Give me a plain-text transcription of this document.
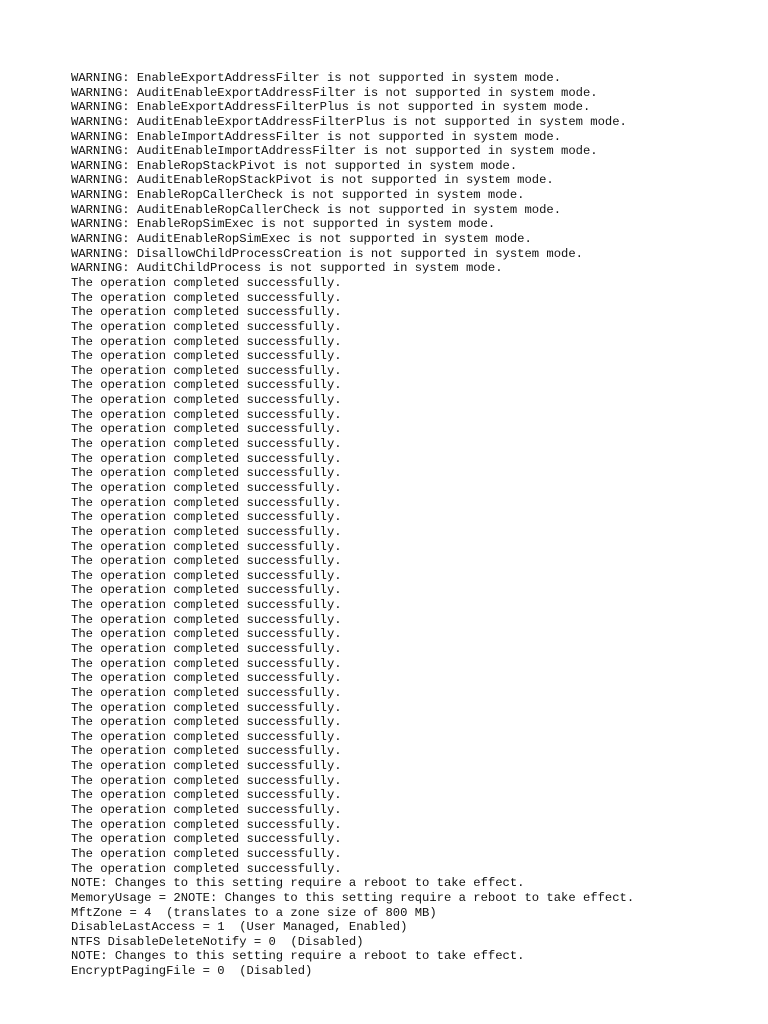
WARNING: EnableExportAddressFilter is not supported in system mode.
WARNING: AuditEnableExportAddressFilter is not supported in system mode.
WARNING: EnableExportAddressFilterPlus is not supported in system mode.
WARNING: AuditEnableExportAddressFilterPlus is not supported in system mode.
WARNING: EnableImportAddressFilter is not supported in system mode.
WARNING: AuditEnableImportAddressFilter is not supported in system mode.
WARNING: EnableRopStackPivot is not supported in system mode.
WARNING: AuditEnableRopStackPivot is not supported in system mode.
WARNING: EnableRopCallerCheck is not supported in system mode.
WARNING: AuditEnableRopCallerCheck is not supported in system mode.
WARNING: EnableRopSimExec is not supported in system mode.
WARNING: AuditEnableRopSimExec is not supported in system mode.
WARNING: DisallowChildProcessCreation is not supported in system mode.
WARNING: AuditChildProcess is not supported in system mode.
The operation completed successfully.
The operation completed successfully.
The operation completed successfully.
The operation completed successfully.
The operation completed successfully.
The operation completed successfully.
The operation completed successfully.
The operation completed successfully.
The operation completed successfully.
The operation completed successfully.
The operation completed successfully.
The operation completed successfully.
The operation completed successfully.
The operation completed successfully.
The operation completed successfully.
The operation completed successfully.
The operation completed successfully.
The operation completed successfully.
The operation completed successfully.
The operation completed successfully.
The operation completed successfully.
The operation completed successfully.
The operation completed successfully.
The operation completed successfully.
The operation completed successfully.
The operation completed successfully.
The operation completed successfully.
The operation completed successfully.
The operation completed successfully.
The operation completed successfully.
The operation completed successfully.
The operation completed successfully.
The operation completed successfully.
The operation completed successfully.
The operation completed successfully.
The operation completed successfully.
The operation completed successfully.
The operation completed successfully.
The operation completed successfully.
The operation completed successfully.
The operation completed successfully.
NOTE: Changes to this setting require a reboot to take effect.
MemoryUsage = 2NOTE: Changes to this setting require a reboot to take effect.
MftZone = 4  (translates to a zone size of 800 MB)
DisableLastAccess = 1  (User Managed, Enabled)
NTFS DisableDeleteNotify = 0  (Disabled)
NOTE: Changes to this setting require a reboot to take effect.
EncryptPagingFile = 0  (Disabled)
